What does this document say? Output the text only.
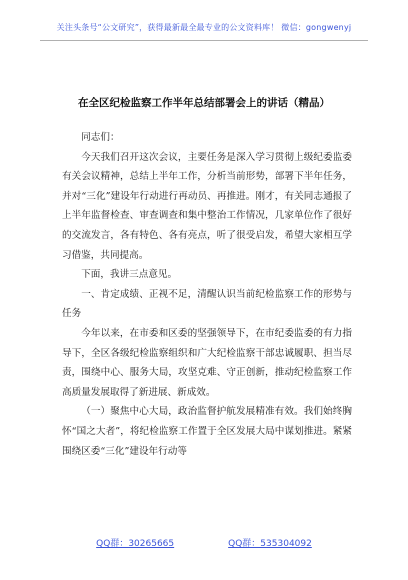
关注头条号“公文研究”，获得最新最全最专业的公文资料库！ 微信：gongwenyj
在全区纪检监察工作半年总结部署会上的讲话（精品）

同志们：

今天我们召开这次会议，主要任务是深入学习贯彻上级纪委监委有关会议精神，总结上半年工作，分析当前形势，部署下半年任务，并对“三化”建设年行动进行再动员、再推进。刚才，有关同志通报了上半年监督检查、审查调查和集中整治工作情况，几家单位作了很好的交流发言，各有特色、各有亮点，听了很受启发，希望大家相互学习借鉴，共同提高。

下面，我讲三点意见。

一、肯定成绩、正视不足，清醒认识当前纪检监察工作的形势与任务

今年以来，在市委和区委的坚强领导下，在市纪委监委的有力指导下，全区各级纪检监察组织和广大纪检监察干部忠诚履职、担当尽责，围绕中心、服务大局，攻坚克难、守正创新，推动纪检监察工作高质量发展取得了新进展、新成效。

（一）聚焦中心大局，政治监督护航发展精准有效。我们始终胸怀“国之大者”，将纪检监察工作置于全区发展大局中谋划推进。紧紧围绕区委“三化”建设年行动等

QQ群：30265665	QQ群：535304092
